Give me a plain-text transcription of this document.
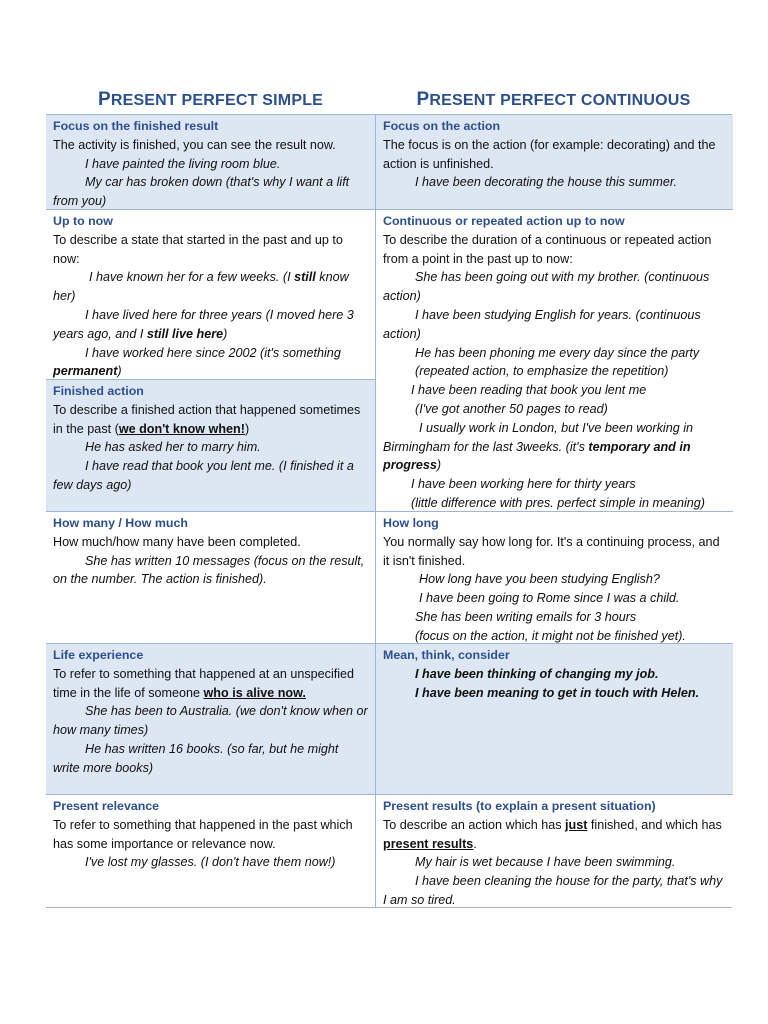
PRESENT PERFECT SIMPLE	PRESENT PERFECT CONTINUOUS
Focus on the finished result

The activity is finished, you can see the result now.

I have painted the living room blue.

My car has broken down (that's why I want a lift from you)

Up to now

To describe a state that started in the past and up to now:

I have known her for a few weeks. (I still know her)

I have lived here for three years (I moved here 3 years ago, and I still live here)

I have worked here since 2002 (it's something permanent)

Finished action

To describe a finished action that happened sometimes in the past (we don't know when!)

He has asked her to marry him.

I have read that book you lent me. (I finished it a few days ago)

How many / How much

How much/how many have been completed.

She has written 10 messages (focus on the result, on the number. The action is finished).

Life experience

To refer to something that happened at an unspecified time in the life of someone who is alive now.

She has been to Australia. (we don't know when or how many times)

He has written 16 books. (so far, but he might write more books)

Present relevance

To refer to something that happened in the past which has some importance or relevance now.

I've lost my glasses. (I don't have them now!)

Focus on the action

The focus is on the action (for example: decorating) and the action is unfinished.

I have been decorating the house this summer.

Continuous or repeated action up to now

To describe the duration of a continuous or repeated action from a point in the past up to now:

She has been going out with my brother. (continuous action)

I have been studying English for years. (continuous action)

He has been phoning me every day since the party

(repeated action, to emphasize the repetition)

I have been reading that book you lent me

(I've got another 50 pages to read)

I usually work in London, but I've been working in Birmingham for the last 3weeks. (it's temporary and in progress)

I have been working here for thirty years

(little difference with pres. perfect simple in meaning)

How long

You normally say how long for. It's a continuing process, and it isn't finished.

How long have you been studying English?

I have been going to Rome since I was a child.

She has been writing emails for 3 hours

(focus on the action, it might not be finished yet).

Mean, think, consider

I have been thinking of changing my job.

I have been meaning to get in touch with Helen.

Present results (to explain a present situation)

To describe an action which has just finished, and which has present results.

My hair is wet because I have been swimming.

I have been cleaning the house for the party, that's why I am so tired.
